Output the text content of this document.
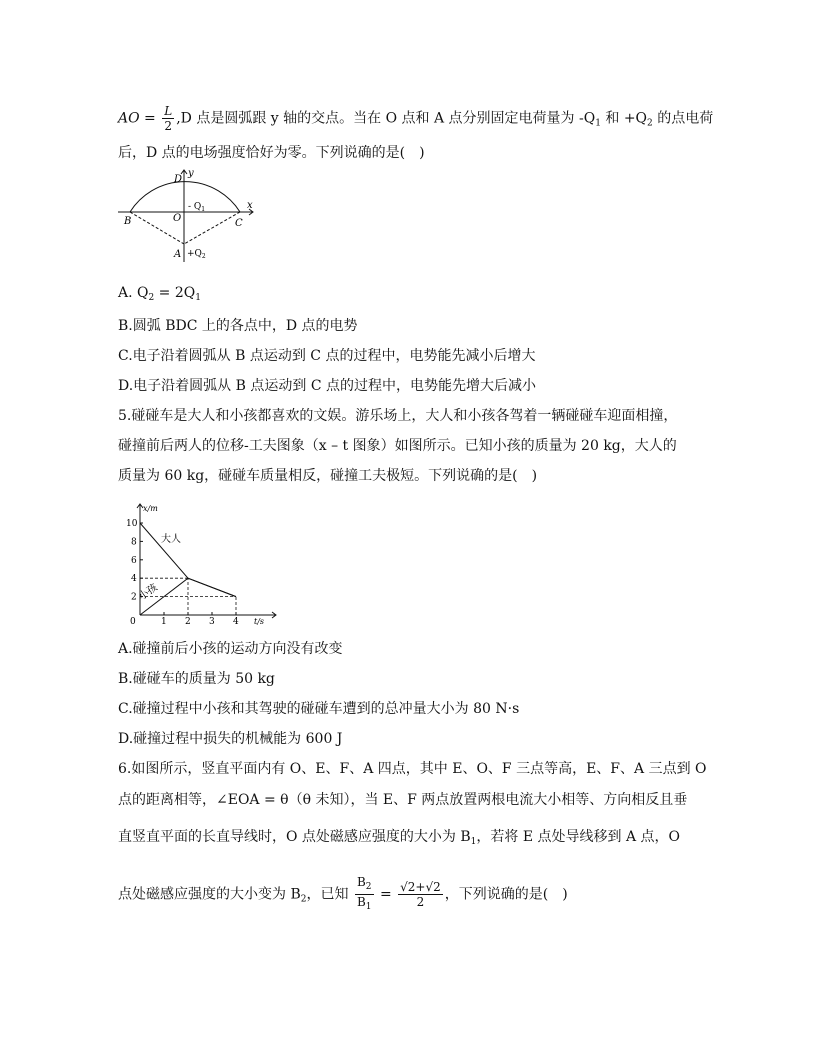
AO = $\frac{L}{2} ,D$ 点是圆弧跟 y 轴的交点。当在 O 点和 A 点分别固定电荷量为 $-Q_1$ 和 $+Q_2$ 的点电荷
后，D 点的电场强度恰好为零。下列说确的是(　)
D
y
x
B	O	C
A
- $Q_1$
$+Q_2$
A. $Q_2 = 2Q_1$
B.圆弧 BDC 上的各点中，D 点的电势
C.电子沿着圆弧从 B 点运动到 C 点的过程中，电势能先减小后增大
D.电子沿着圆弧从 B 点运动到 C 点的过程中，电势能先增大后减小
5.碰碰车是大人和小孩都喜欢的文娱。游乐场上，大人和小孩各驾着一辆碰碰车迎面相撞，
碰撞前后两人的位移-工夫图象（x – t 图象）如图所示。已知小孩的质量为 20 kg，大人的
质量为 60 kg，碰碰车质量相反，碰撞工夫极短。下列说确的是(　)
1 2 3 4
2
4
6
8
10
x/m
t/s
0
大人
小孩
A.碰撞前后小孩的运动方向没有改变
B.碰碰车的质量为 50 kg
C.碰撞过程中小孩和其驾驶的碰碰车遭到的总冲量大小为 80 N·s
D.碰撞过程中损失的机械能为 600 J
6.如图所示，竖直平面内有 O、E、F、A 四点，其中 E、O、F 三点等高，E、F、A 三点到 O
点的距离相等，∠EOA = θ（θ 未知），当 E、F 两点放置两根电流大小相等、方向相反且垂
直竖直平面的长直导线时，O 点处磁感应强度的大小为 $B_1$，若将 E 点处导线移到 A 点，O
点处磁感应强度的大小变为 $B_2$，已知 $\frac{B_2}{B_1} = \frac{√2+√2}{2}$ ，下列说确的是(　)
